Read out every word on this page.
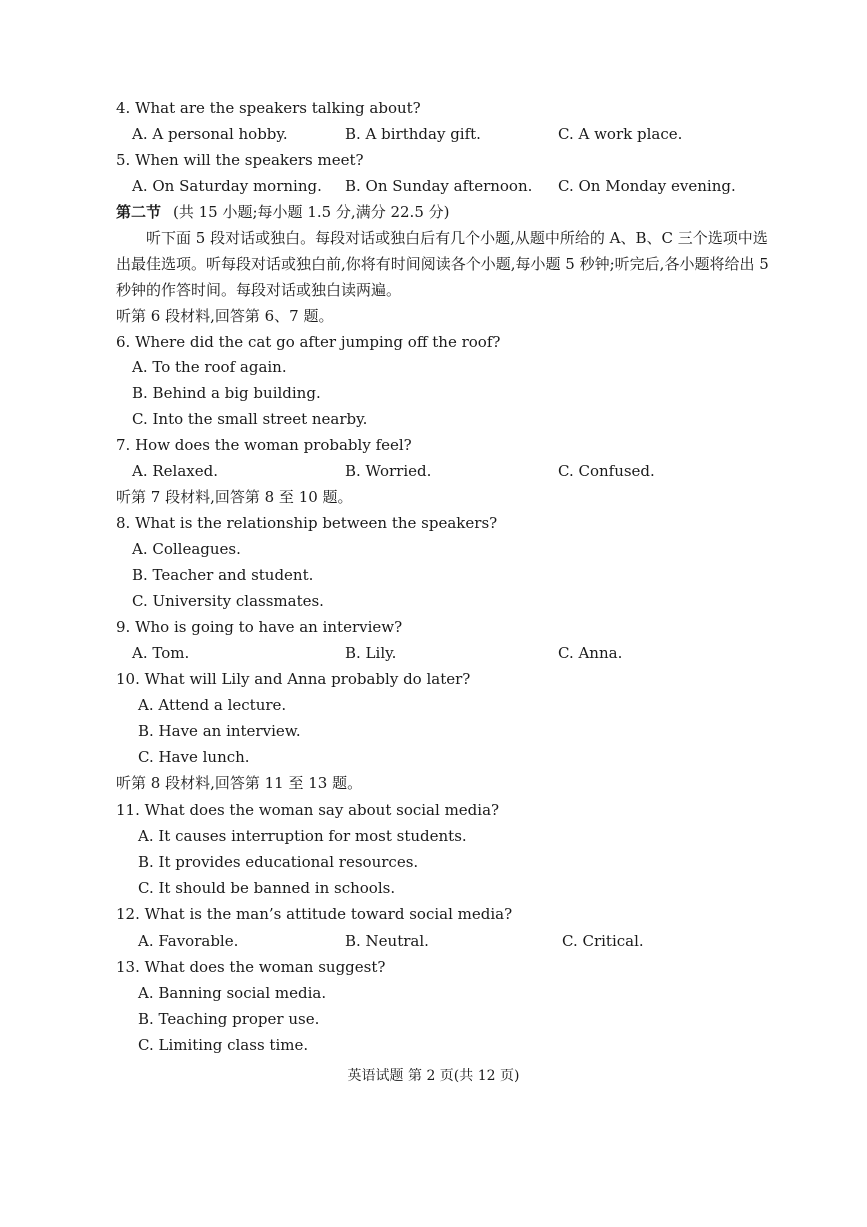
4. What are the speakers talking about?
A. A personal hobby.	B. A birthday gift.	C. A work place.
5. When will the speakers meet?
A. On Saturday morning. B. On Sunday afternoon. C. On Monday evening.
第二节 (共 15 小题;每小题 1.5 分,满分 22.5 分)
听下面 5 段对话或独白。每段对话或独白后有几个小题,从题中所给的 A、B、C 三个选项中选出最佳选项。听每段对话或独白前,你将有时间阅读各个小题,每小题 5 秒钟;听完后,各小题将给出 5 秒钟的作答时间。每段对话或独白读两遍。
听第 6 段材料,回答第 6、7 题。
6. Where did the cat go after jumping off the roof?
A. To the roof again.
B. Behind a big building.
C. Into the small street nearby.
7. How does the woman probably feel?
A. Relaxed.	B. Worried.	C. Confused.
听第 7 段材料,回答第 8 至 10 题。
8. What is the relationship between the speakers?
A. Colleagues.
B. Teacher and student.
C. University classmates.
9. Who is going to have an interview?
A. Tom.	B. Lily.	C. Anna.
10. What will Lily and Anna probably do later?
A. Attend a lecture.
B. Have an interview.
C. Have lunch.
听第 8 段材料,回答第 11 至 13 题。
11. What does the woman say about social media?
A. It causes interruption for most students.
B. It provides educational resources.
C. It should be banned in schools.
12. What is the man’s attitude toward social media?
A. Favorable.	B. Neutral.	C. Critical.
13. What does the woman suggest?
A. Banning social media.
B. Teaching proper use.
C. Limiting class time.
英语试题 第 2 页(共 12 页)
